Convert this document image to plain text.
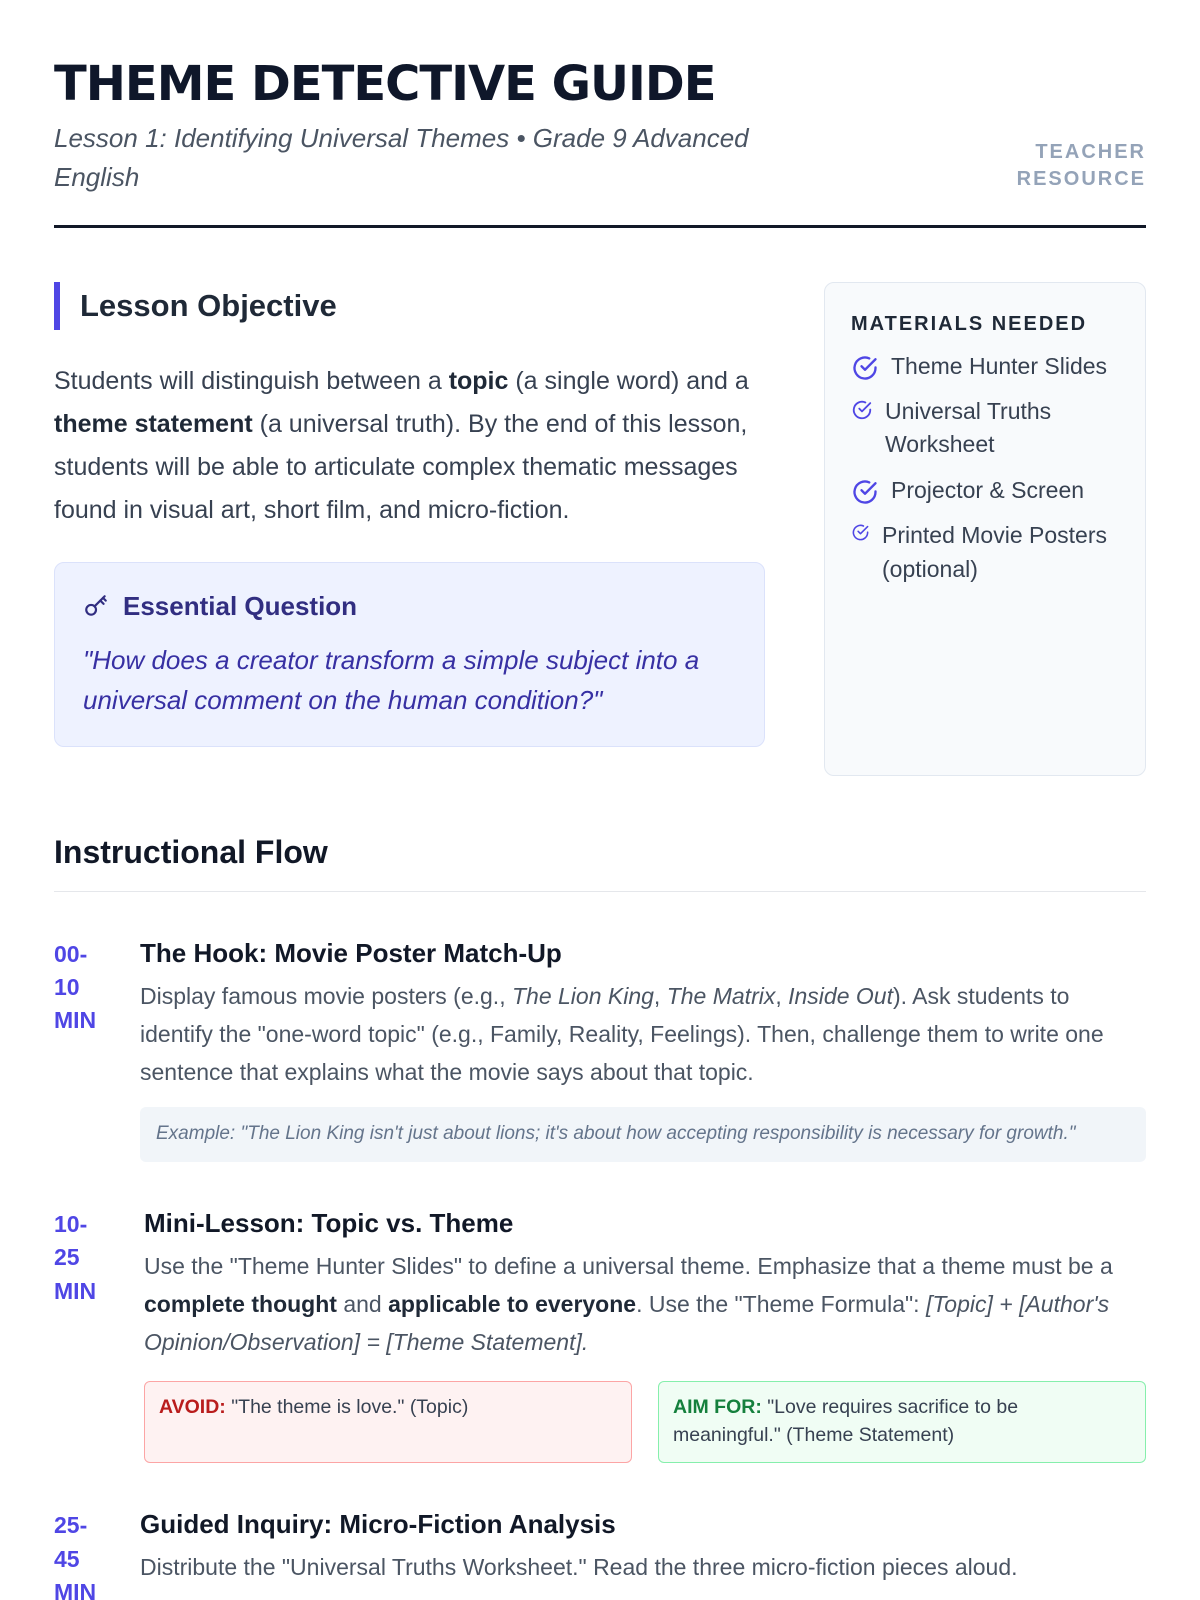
THEME DETECTIVE GUIDE
Lesson 1: Identifying Universal Themes • Grade 9 Advanced English
TEACHER
RESOURCE
Lesson Objective

Students will distinguish between a topic (a single word) and a theme statement (a universal truth). By the end of this lesson, students will be able to articulate complex thematic messages found in visual art, short film, and micro-fiction.

Essential Question
"How does a creator transform a simple subject into a universal comment on the human condition?"
MATERIALS NEEDED
Theme Hunter Slides
Universal Truths Worksheet
Projector & Screen
Printed Movie Posters (optional)
Instructional Flow
00-
10
MIN
The Hook: Movie Poster Match-Up
Display famous movie posters (e.g., The Lion King, The Matrix, Inside Out). Ask students to identify the "one-word topic" (e.g., Family, Reality, Feelings). Then, challenge them to write one sentence that explains what the movie says about that topic.
Example: "The Lion King isn't just about lions; it's about how accepting responsibility is necessary for growth."
10-
25
MIN
Mini-Lesson: Topic vs. Theme
Use the "Theme Hunter Slides" to define a universal theme. Emphasize that a theme must be a complete thought and applicable to everyone. Use the "Theme Formula": [Topic] + [Author's Opinion/Observation] = [Theme Statement].
AVOID: "The theme is love." (Topic)	AIM FOR: "Love requires sacrifice to be meaningful." (Theme Statement)
25-
45
MIN
Guided Inquiry: Micro-Fiction Analysis
Distribute the "Universal Truths Worksheet." Read the three micro-fiction pieces aloud.
